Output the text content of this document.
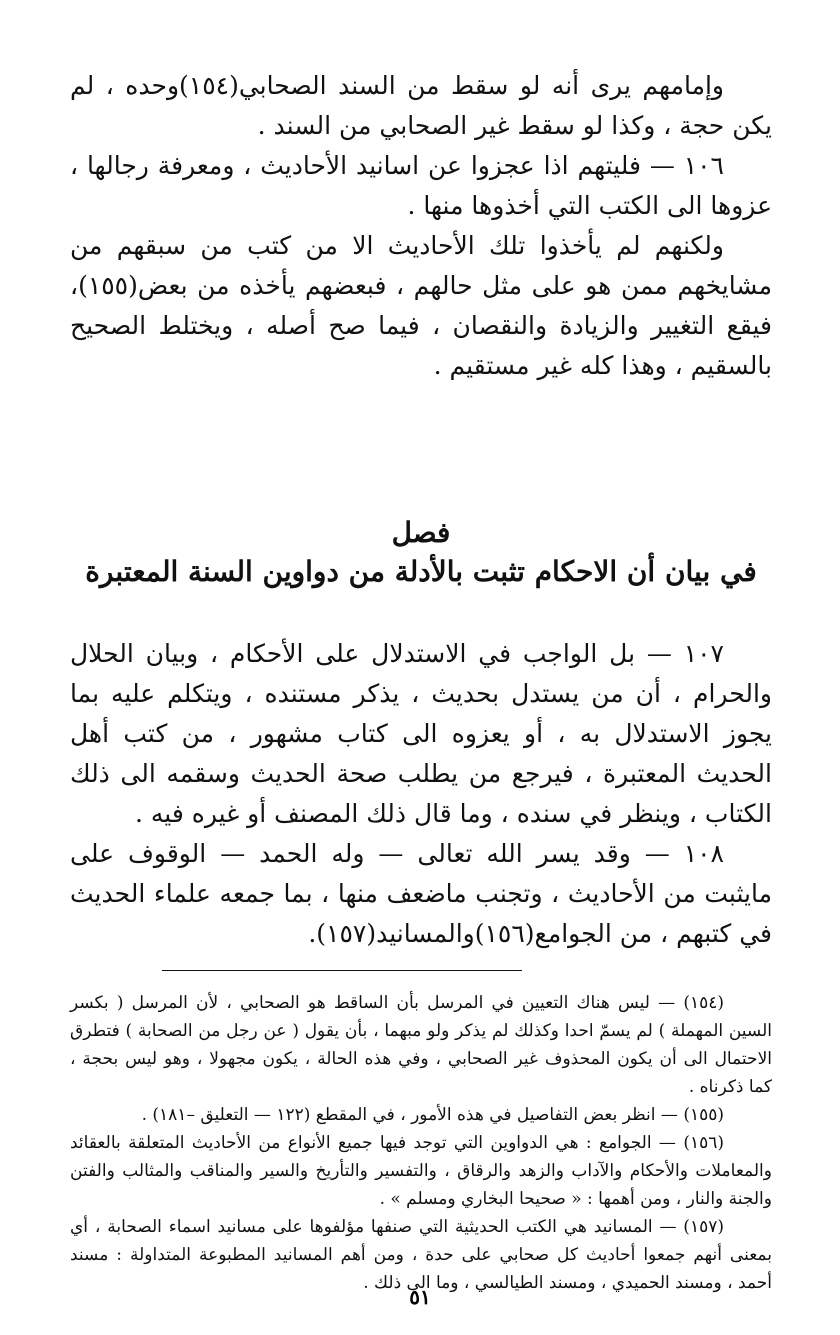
وإمامهم يرى أنه لو سقط من السند الصحابي(١٥٤)وحده ، لم يكن حجة ، وكذا لو سقط غير الصحابي من السند .

١٠٦ — فليتهم اذا عجزوا عن اسانيد الأحاديث ، ومعرفة رجالها ، عزوها الى الكتب التي أخذوها منها .

ولكنهم لم يأخذوا تلك الأحاديث الا من كتب من سبقهم من مشايخهم ممن هو على مثل حالهم ، فبعضهم يأخذه من بعض(١٥٥)، فيقع التغيير والزيادة والنقصان ، فيما صح أصله ، ويختلط الصحيح بالسقيم ، وهذا كله غير مستقيم .

فصل
في بيان أن الاحكام تثبت بالأدلة من دواوين السنة المعتبرة

١٠٧ — بل الواجب في الاستدلال على الأحكام ، وبيان الحلال والحرام ، أن من يستدل بحديث ، يذكر مستنده ، ويتكلم عليه بما يجوز الاستدلال به ، أو يعزوه الى كتاب مشهور ، من كتب أهل الحديث المعتبرة ، فيرجع من يطلب صحة الحديث وسقمه الى ذلك الكتاب ، وينظر في سنده ، وما قال ذلك المصنف أو غيره فيه .

١٠٨ — وقد يسر الله تعالى — وله الحمد — الوقوف على مايثبت من الأحاديث ، وتجنب ماضعف منها ، بما جمعه علماء الحديث في كتبهم ، من الجوامع(١٥٦)والمسانيد(١٥٧).

(١٥٤) — ليس هناك التعيين في المرسل بأن الساقط هو الصحابي ، لأن المرسل ( بكسر السين المهملة ) لم يسمّ احدا وكذلك لم يذكر ولو مبهما ، بأن يقول ( عن رجل من الصحابة ) فتطرق الاحتمال الى أن يكون المحذوف غير الصحابي ، وفي هذه الحالة ، يكون مجهولا ، وهو ليس بحجة ، كما ذكرناه .

(١٥٥) — انظر بعض التفاصيل في هذه الأمور ، في المقطع (١٢٢ — التعليق –١٨١) .

(١٥٦) — الجوامع : هي الدواوين التي توجد فيها جميع الأنواع من الأحاديث المتعلقة بالعقائد والمعاملات والأحكام والآداب والزهد والرقاق ، والتفسير والتأريخ والسير والمناقب والمثالب والفتن والجنة والنار ، ومن أهمها : « صحيحا البخاري ومسلم » .

(١٥٧) — المسانيد هي الكتب الحديثية التي صنفها مؤلفوها على مسانيد اسماء الصحابة ، أي بمعنى أنهم جمعوا أحاديث كل صحابي على حدة ، ومن أهم المسانيد المطبوعة المتداولة : مسند أحمد ، ومسند الحميدي ، ومسند الطيالسي ، وما الى ذلك .

٥١
